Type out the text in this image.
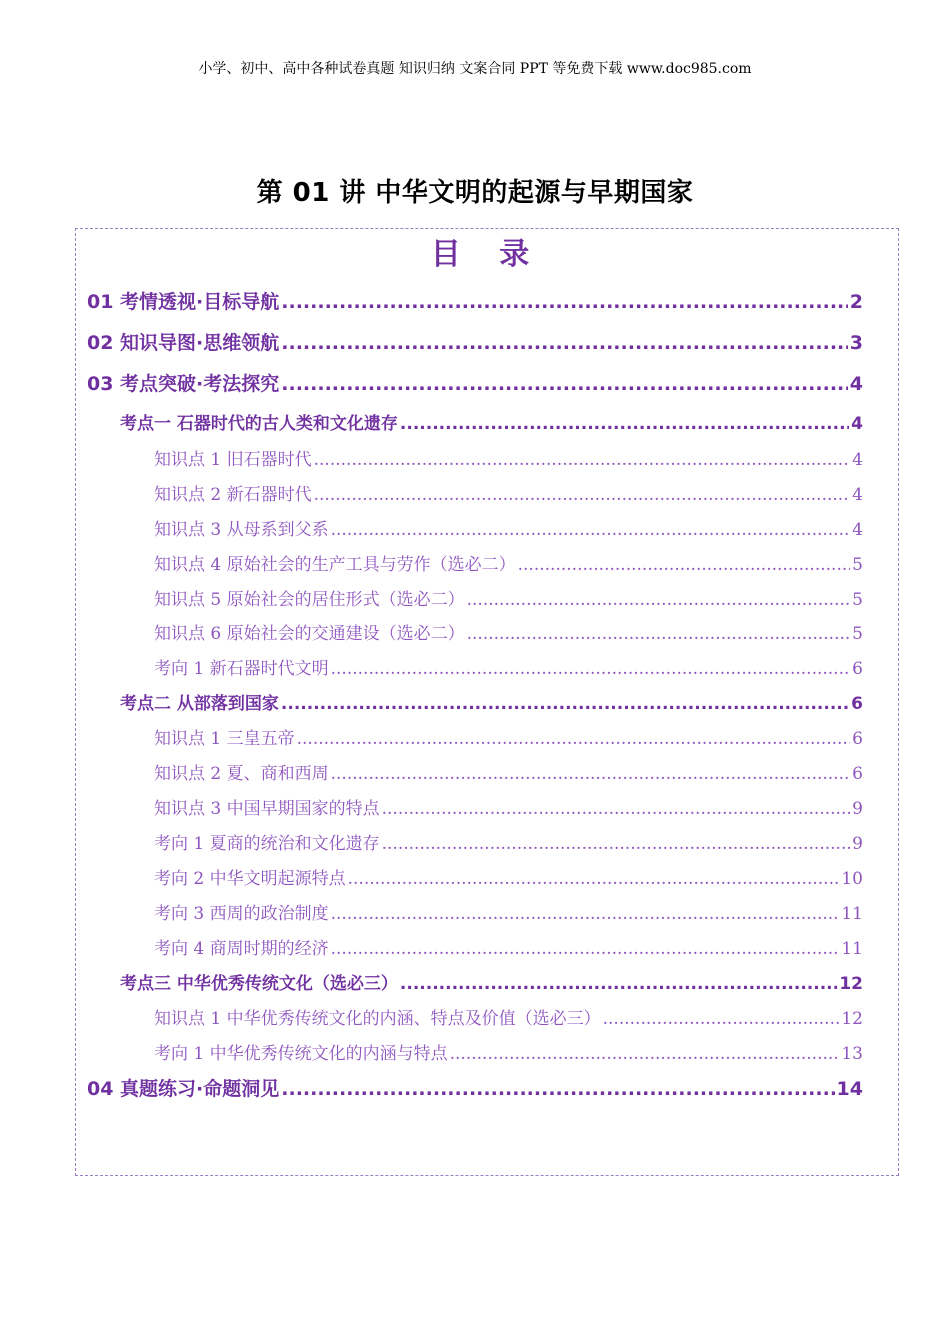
小学、初中、高中各种试卷真题 知识归纳 文案合同 PPT 等免费下载 www.doc985.com
第 01 讲 中华文明的起源与早期国家
目 录
01 考情透视·目标导航 .....	2
02 知识导图·思维领航 .....	3
03 考点突破·考法探究 .....	4
考点一 石器时代的古人类和文化遗存 .....	4
知识点 1 旧石器时代 .....	4
知识点 2 新石器时代 .....	4
知识点 3 从母系到父系 .....	4
知识点 4 原始社会的生产工具与劳作（选必二） .....	5
知识点 5 原始社会的居住形式（选必二） .....	5
知识点 6 原始社会的交通建设（选必二） .....	5
考向 1 新石器时代文明 .....	6
考点二 从部落到国家 .....	6
知识点 1 三皇五帝 .....	6
知识点 2 夏、商和西周 .....	6
知识点 3 中国早期国家的特点 .....	9
考向 1 夏商的统治和文化遗存 .....	9
考向 2 中华文明起源特点 .....	10
考向 3 西周的政治制度 .....	11
考向 4 商周时期的经济 .....	11
考点三 中华优秀传统文化（选必三） .....	12
知识点 1 中华优秀传统文化的内涵、特点及价值（选必三） .....	12
考向 1 中华优秀传统文化的内涵与特点 .....	13
04 真题练习·命题洞见 .....	14
